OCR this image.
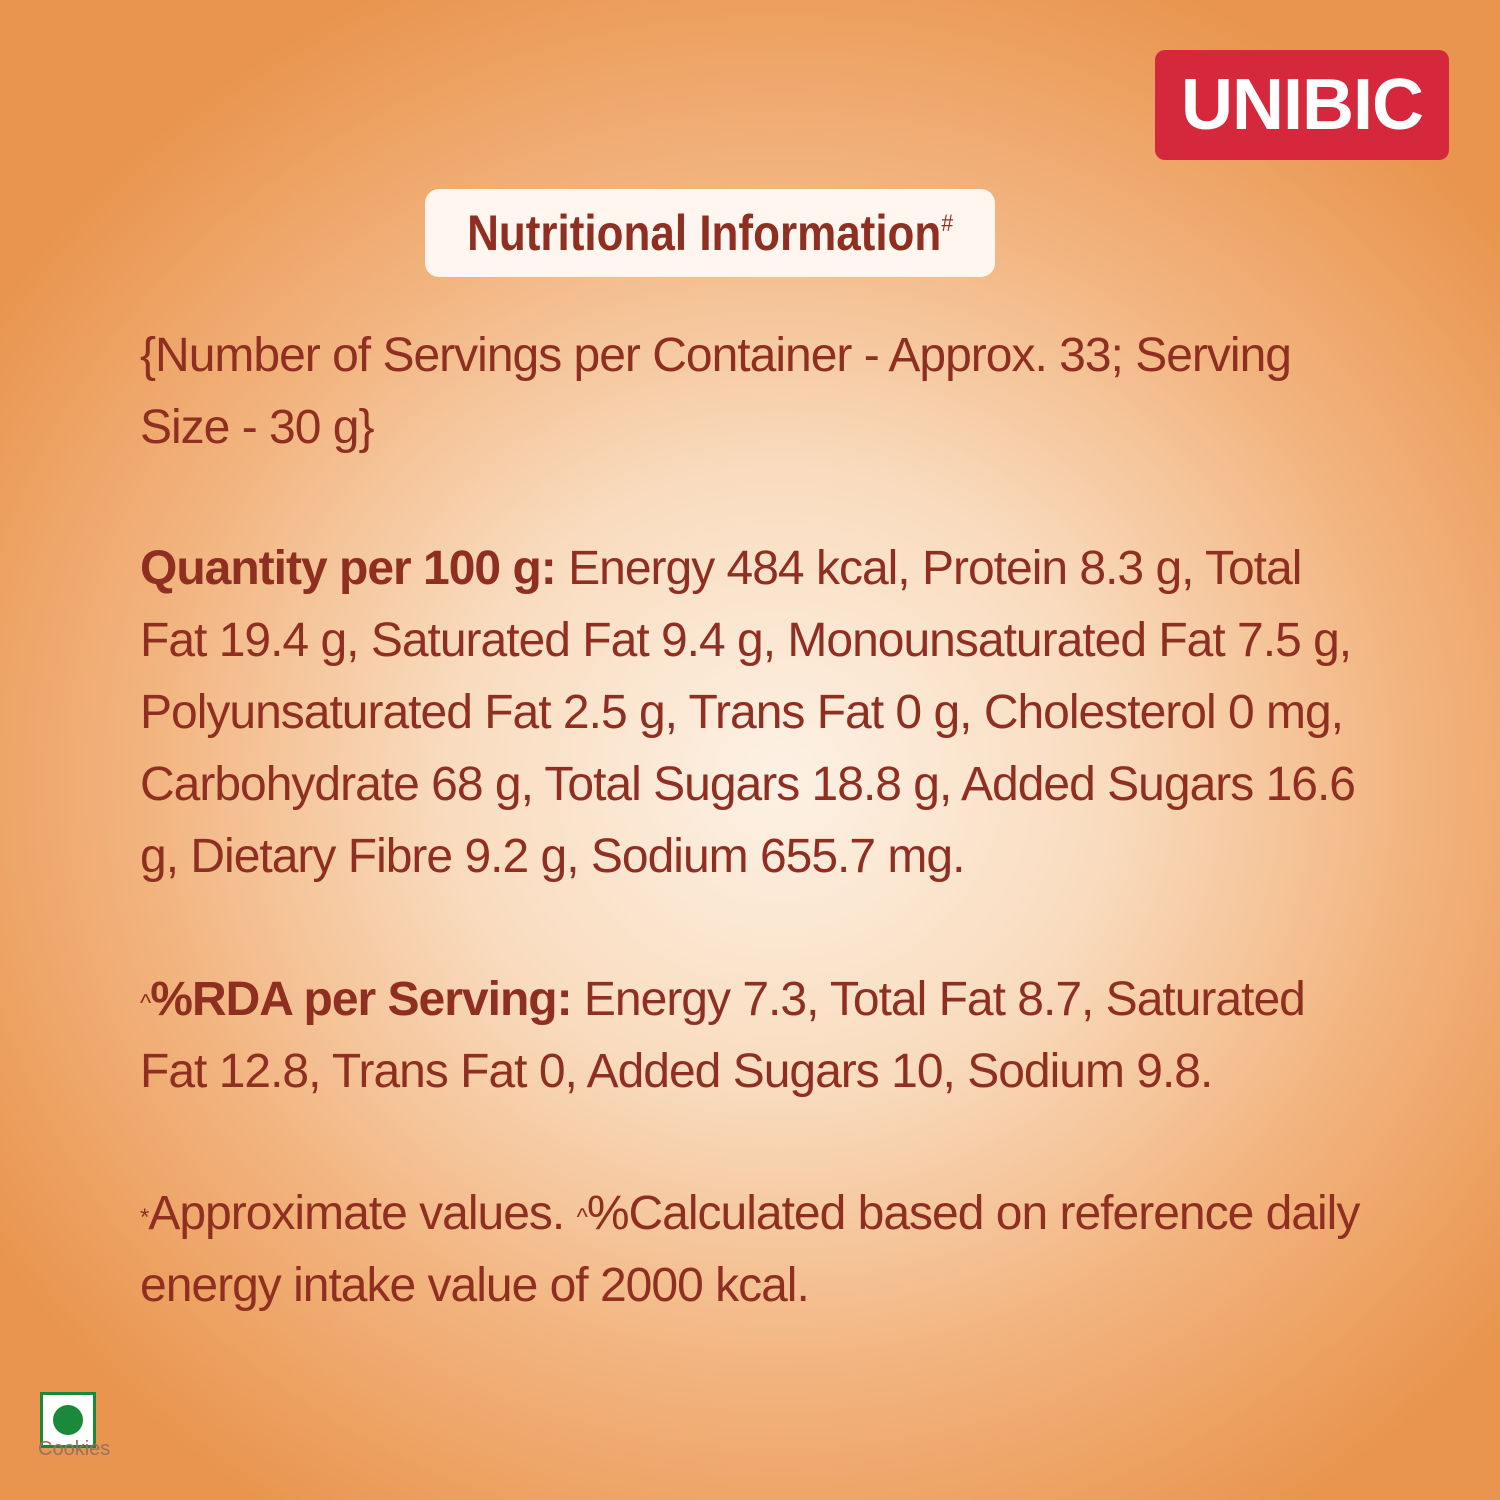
UNIBIC
Nutritional Information#
{Number of Servings per Container - Approx. 33; Serving Size - 30 g}
Quantity per 100 g: Energy 484 kcal, Protein 8.3 g, Total Fat 19.4 g, Saturated Fat 9.4 g, Monounsaturated Fat 7.5 g, Polyunsaturated Fat 2.5 g, Trans Fat 0 g, Cholesterol 0 mg, Carbohydrate 68 g, Total Sugars 18.8 g, Added Sugars 16.6 g, Dietary Fibre 9.2 g, Sodium 655.7 mg.
^%RDA per Serving: Energy 7.3, Total Fat 8.7, Saturated Fat 12.8, Trans Fat 0, Added Sugars 10, Sodium 9.8.
*Approximate values. ^%Calculated based on reference daily energy intake value of 2000 kcal.
Cookies
